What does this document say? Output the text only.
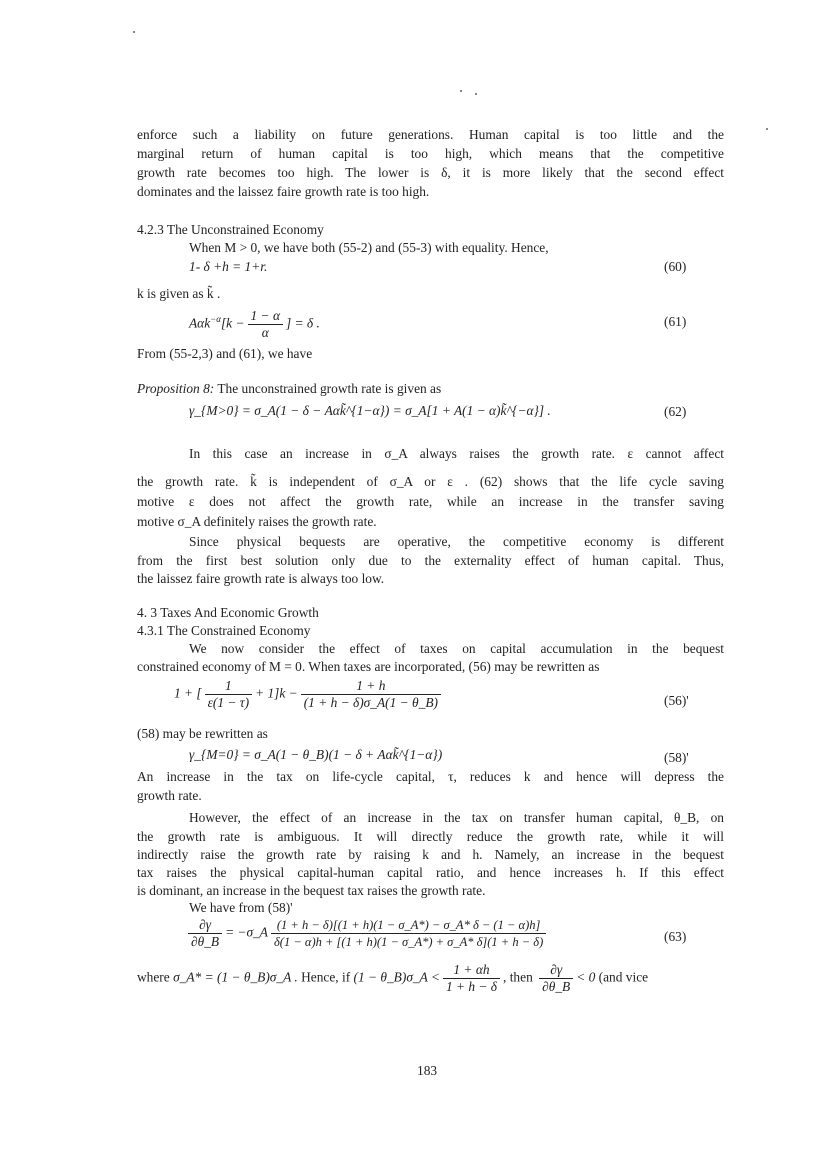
enforce such a liability on future generations. Human capital is too little and the
marginal return of human capital is too high, which means that the competitive
growth rate becomes too high. The lower is δ, it is more likely that the second effect
dominates and the laissez faire growth rate is too high.
4.2.3 The Unconstrained Economy
When M > 0, we have both (55-2) and (55-3) with equality. Hence,
1- δ +h = 1+r.	(60)
k is given as k̃ .
$A\alpha k^{-\alpha}[k - \frac{1 - \alpha}{\alpha}$ ] = δ .	(61)
From (55-2,3) and (61), we have
Proposition 8: The unconstrained growth rate is given as
γ_{M>0} = σ_A(1 − δ − Aαk̃^{1−α}) = σ_A[1 + A(1 − α)k̃^{−α}] .	(62)
In this case an increase in σ_A always raises the growth rate. ε cannot affect
the growth rate. k̃ is independent of σ_A or ε . (62) shows that the life cycle saving
motive ε does not affect the growth rate, while an increase in the transfer saving
motive σ_A definitely raises the growth rate.
Since physical bequests are operative, the competitive economy is different
from the first best solution only due to the externality effect of human capital. Thus,
the laissez faire growth rate is always too low.
4. 3 Taxes And Economic Growth
4.3.1 The Constrained Economy
We now consider the effect of taxes on capital accumulation in the bequest
constrained economy of M = 0. When taxes are incorporated, (56) may be rewritten as
1 + [ $\frac{1}{\varepsilon(1 - \tau)} + 1]k - \frac{1 + h}{(1 + h - \delta)\sigma\_A(1 - \theta\_B)}$	(56)'
(58) may be rewritten as
γ_{M=0} = σ_A(1 − θ_B)(1 − δ + Aαk̃^{1−α})	(58)'
An increase in the tax on life-cycle capital, τ, reduces k and hence will depress the
growth rate.
However, the effect of an increase in the tax on transfer human capital, θ_B, on
the growth rate is ambiguous. It will directly reduce the growth rate, while it will
indirectly raise the growth rate by raising k and h. Namely, an increase in the bequest
tax raises the physical capital-human capital ratio, and hence increases h. If this effect
is dominant, an increase in the bequest tax raises the growth rate.
We have from (58)'
$\frac{\partial\gamma}{\partial\theta\_B}$ = −σ_A $\frac{(1 + h - \delta)[(1 + h)(1 - \sigma\_A*) - \sigma\_A* \delta - (1 - \alpha)h]}{\delta(1 - \alpha)h + [(1 + h)(1 - \sigma\_A*) + \sigma\_A* \delta](1 + h - \delta)}$	(63)
where σ_A* = (1 − θ_B)σ_A . Hence, if (1 − θ_B)σ_A < $\frac{1 + \alpha h}{1 + h - \delta}$ , then $\frac{\partial\gamma}{\partial\theta\_B} < 0$ (and vice
183
